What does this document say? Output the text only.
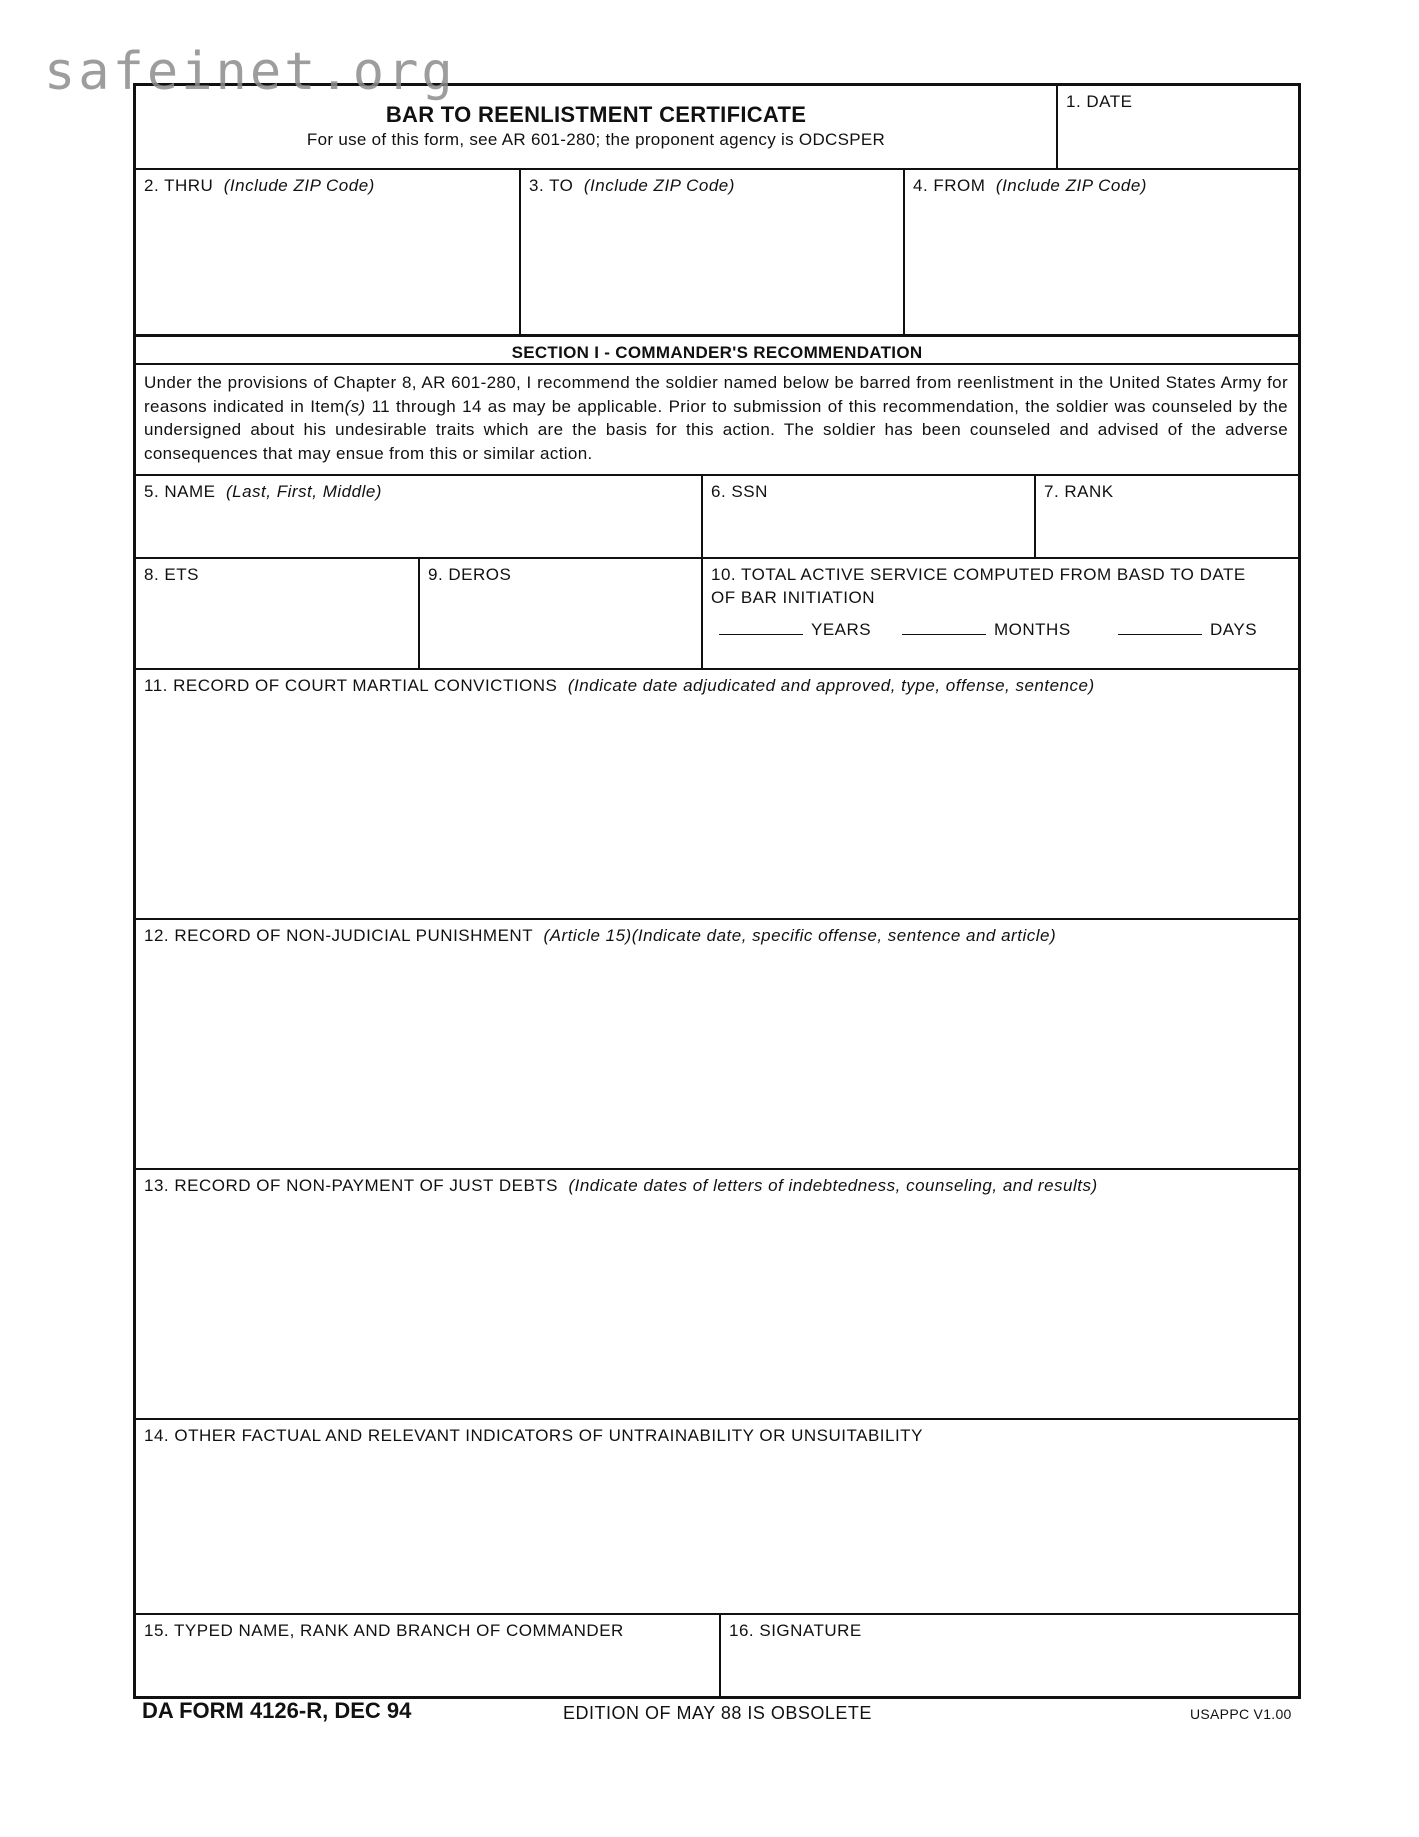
safeinet.org
BAR TO REENLISTMENT CERTIFICATE
For use of this form, see AR 601-280; the proponent agency is ODCSPER
1. DATE
2. THRU (Include ZIP Code)	3. TO (Include ZIP Code)	4. FROM (Include ZIP Code)
SECTION I - COMMANDER'S RECOMMENDATION
Under the provisions of Chapter 8, AR 601-280, I recommend the soldier named below be barred from reenlistment in the United States Army for reasons indicated in Item(s) 11 through 14 as may be applicable. Prior to submission of this recommendation, the soldier was counseled by the undersigned about his undesirable traits which are the basis for this action. The soldier has been counseled and advised of the adverse consequences that may ensue from this or similar action.
5. NAME (Last, First, Middle)	6. SSN	7. RANK
8. ETS	9. DEROS	10. TOTAL ACTIVE SERVICE COMPUTED FROM BASD TO DATE
OF BAR INITIATION
YEARS	MONTHS	DAYS
11. RECORD OF COURT MARTIAL CONVICTIONS (Indicate date adjudicated and approved, type, offense, sentence)
12. RECORD OF NON-JUDICIAL PUNISHMENT (Article 15)(Indicate date, specific offense, sentence and article)
13. RECORD OF NON-PAYMENT OF JUST DEBTS (Indicate dates of letters of indebtedness, counseling, and results)
14. OTHER FACTUAL AND RELEVANT INDICATORS OF UNTRAINABILITY OR UNSUITABILITY
15. TYPED NAME, RANK AND BRANCH OF COMMANDER	16. SIGNATURE
DA FORM 4126-R, DEC 94	EDITION OF MAY 88 IS OBSOLETE	USAPPC V1.00
